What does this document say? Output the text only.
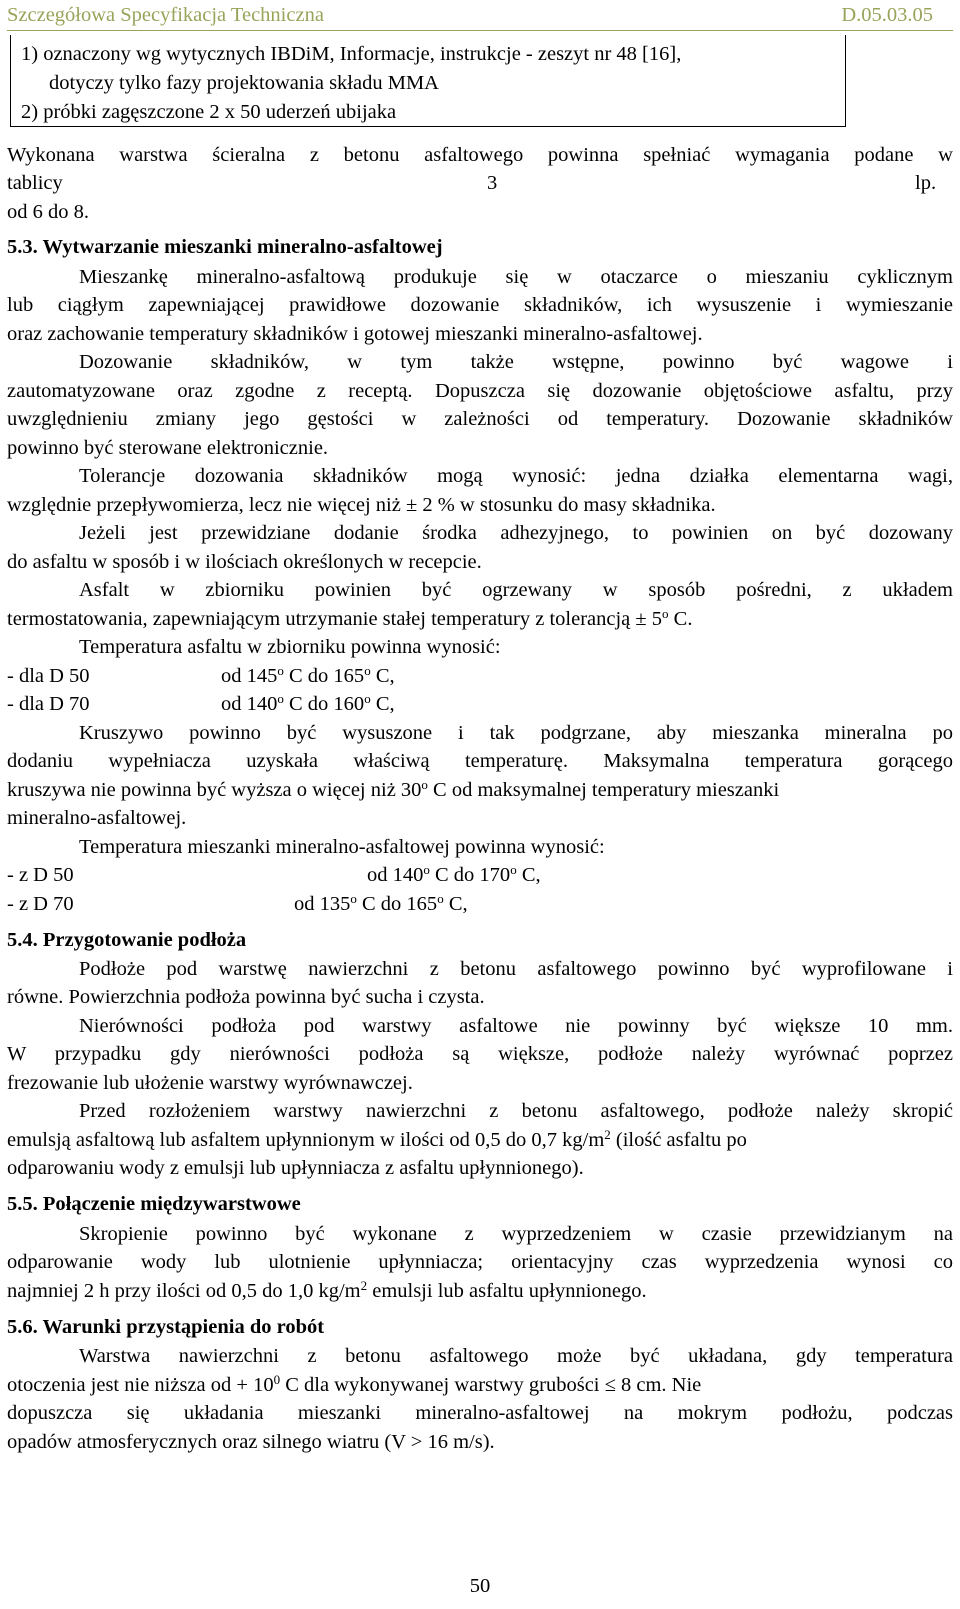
Szczegółowa Specyfikacja Techniczna	D.05.03.05
1) oznaczony wg wytycznych IBDiM, Informacje, instrukcje - zeszyt nr 48 [16],
dotyczy tylko fazy projektowania składu MMA
2) próbki zagęszczone 2 x 50 uderzeń ubijaka
Wykonana warstwa ścieralna z betonu asfaltowego powinna spełniać wymagania podane w
tablicy	3	lp.
od 6 do 8.
5.3. Wytwarzanie mieszanki mineralno-asfaltowej
Mieszankę mineralno-asfaltową produkuje się w otaczarce o mieszaniu cyklicznym
lub ciągłym zapewniającej prawidłowe dozowanie składników, ich wysuszenie i wymieszanie
oraz zachowanie temperatury składników i gotowej mieszanki mineralno-asfaltowej.
Dozowanie składników, w tym także wstępne, powinno być wagowe i
zautomatyzowane oraz zgodne z receptą. Dopuszcza się dozowanie objętościowe asfaltu, przy
uwzględnieniu zmiany jego gęstości w zależności od temperatury. Dozowanie składników
powinno być sterowane elektronicznie.
Tolerancje dozowania składników mogą wynosić: jedna działka elementarna wagi,
względnie przepływomierza, lecz nie więcej niż ± 2 % w stosunku do masy składnika.
Jeżeli jest przewidziane dodanie środka adhezyjnego, to powinien on być dozowany
do asfaltu w sposób i w ilościach określonych w recepcie.
Asfalt w zbiorniku powinien być ogrzewany w sposób pośredni, z układem
termostatowania, zapewniającym utrzymanie stałej temperatury z tolerancją ± $5^o$ C.
Temperatura asfaltu w zbiorniku powinna wynosić:
- dla D 50	od 145$^o$ C do 165$^o$ C,
- dla D 70	od 140$^o$ C do 160$^o$ C,
Kruszywo powinno być wysuszone i tak podgrzane, aby mieszanka mineralna po
dodaniu wypełniacza uzyskała właściwą temperaturę. Maksymalna temperatura gorącego
kruszywa nie powinna być wyższa o więcej niż 30$^o$ C od maksymalnej temperatury mieszanki
mineralno-asfaltowej.
Temperatura mieszanki mineralno-asfaltowej powinna wynosić:
- z D 50	od 140$^o$ C do 170$^o$ C,
- z D 70	od 135$^o$ C do 165$^o$ C,
5.4. Przygotowanie podłoża
Podłoże pod warstwę nawierzchni z betonu asfaltowego powinno być wyprofilowane i
równe. Powierzchnia podłoża powinna być sucha i czysta.
Nierówności podłoża pod warstwy asfaltowe nie powinny być większe 10 mm.
W przypadku gdy nierówności podłoża są większe, podłoże należy wyrównać poprzez
frezowanie lub ułożenie warstwy wyrównawczej.
Przed rozłożeniem warstwy nawierzchni z betonu asfaltowego, podłoże należy skropić
emulsją asfaltową lub asfaltem upłynnionym w ilości od 0,5 do 0,7 $kg/m^2$ (ilość asfaltu po
odparowaniu wody z emulsji lub upłynniacza z asfaltu upłynnionego).
5.5. Połączenie międzywarstwowe
Skropienie powinno być wykonane z wyprzedzeniem w czasie przewidzianym na
odparowanie wody lub ulotnienie upłynniacza; orientacyjny czas wyprzedzenia wynosi co
najmniej 2 h przy ilości od 0,5 do 1,0 $kg/m^2$ emulsji lub asfaltu upłynnionego.
5.6. Warunki przystąpienia do robót
Warstwa nawierzchni z betonu asfaltowego może być układana, gdy temperatura
otoczenia jest nie niższa od + $10^0$ C dla wykonywanej warstwy grubości ≤ 8 cm. Nie
dopuszcza się układania mieszanki mineralno-asfaltowej na mokrym podłożu, podczas
opadów atmosferycznych oraz silnego wiatru (V > 16 m/s).
50
